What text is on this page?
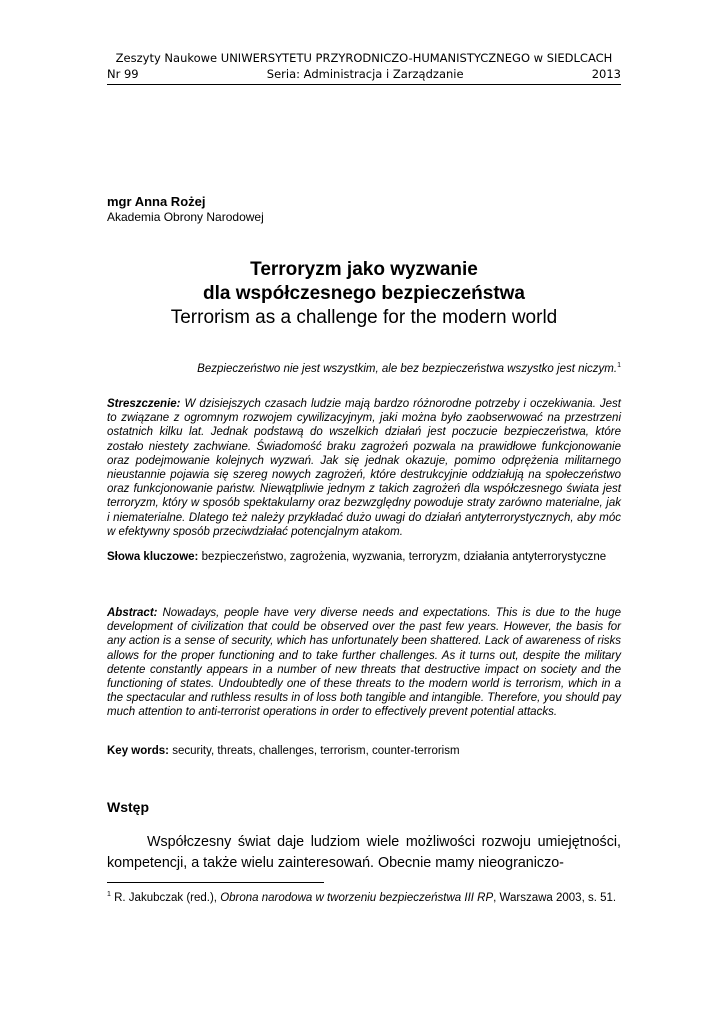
Zeszyty Naukowe UNIWERSYTETU PRZYRODNICZO-HUMANISTYCZNEGO w SIEDLCACH
Nr 99	Seria: Administracja i Zarządzanie	2013
mgr Anna Rożej
Akademia Obrony Narodowej
Terroryzm jako wyzwanie
dla współczesnego bezpieczeństwa
Terrorism as a challenge for the modern world
Bezpieczeństwo nie jest wszystkim, ale bez bezpieczeństwa wszystko jest niczym.$^1$
Streszczenie: W dzisiejszych czasach ludzie mają bardzo różnorodne potrzeby i oczekiwania. Jest to związane z ogromnym rozwojem cywilizacyjnym, jaki można było zaobserwować na przestrzeni ostatnich kilku lat. Jednak podstawą do wszelkich działań jest poczucie bezpieczeństwa, które zostało niestety zachwiane. Świadomość braku zagrożeń pozwala na prawidłowe funkcjonowanie oraz podejmowanie kolejnych wyzwań. Jak się jednak okazuje, pomimo odprężenia militarnego nieustannie pojawia się szereg nowych zagrożeń, które destrukcyjnie oddziałują na społeczeństwo oraz funkcjonowanie państw. Niewątpliwie jednym z takich zagrożeń dla współczesnego świata jest terroryzm, który w sposób spektakularny oraz bezwzględny powoduje straty zarówno materialne, jak i niematerialne. Dlatego też należy przykładać dużo uwagi do działań antyterrorystycznych, aby móc w efektywny sposób przeciwdziałać potencjalnym atakom.
Słowa kluczowe: bezpieczeństwo, zagrożenia, wyzwania, terroryzm, działania antyterrorystyczne
Abstract: Nowadays, people have very diverse needs and expectations. This is due to the huge development of civilization that could be observed over the past few years. However, the basis for any action is a sense of security, which has unfortunately been shattered. Lack of awareness of risks allows for the proper functioning and to take further challenges. As it turns out, despite the military detente constantly appears in a number of new threats that destructive impact on society and the functioning of states. Undoubtedly one of these threats to the modern world is terrorism, which in a the spectacular and ruthless results in of loss both tangible and intangible. Therefore, you should pay much attention to anti-terrorist operations in order to effectively prevent potential attacks.
Key words: security, threats, challenges, terrorism, counter-terrorism
Wstęp
Współczesny świat daje ludziom wiele możliwości rozwoju umiejętności, kompetencji, a także wielu zainteresowań. Obecnie mamy nieograniczo-
$^1$ R. Jakubczak (red.), Obrona narodowa w tworzeniu bezpieczeństwa III RP, Warszawa 2003, s. 51.
